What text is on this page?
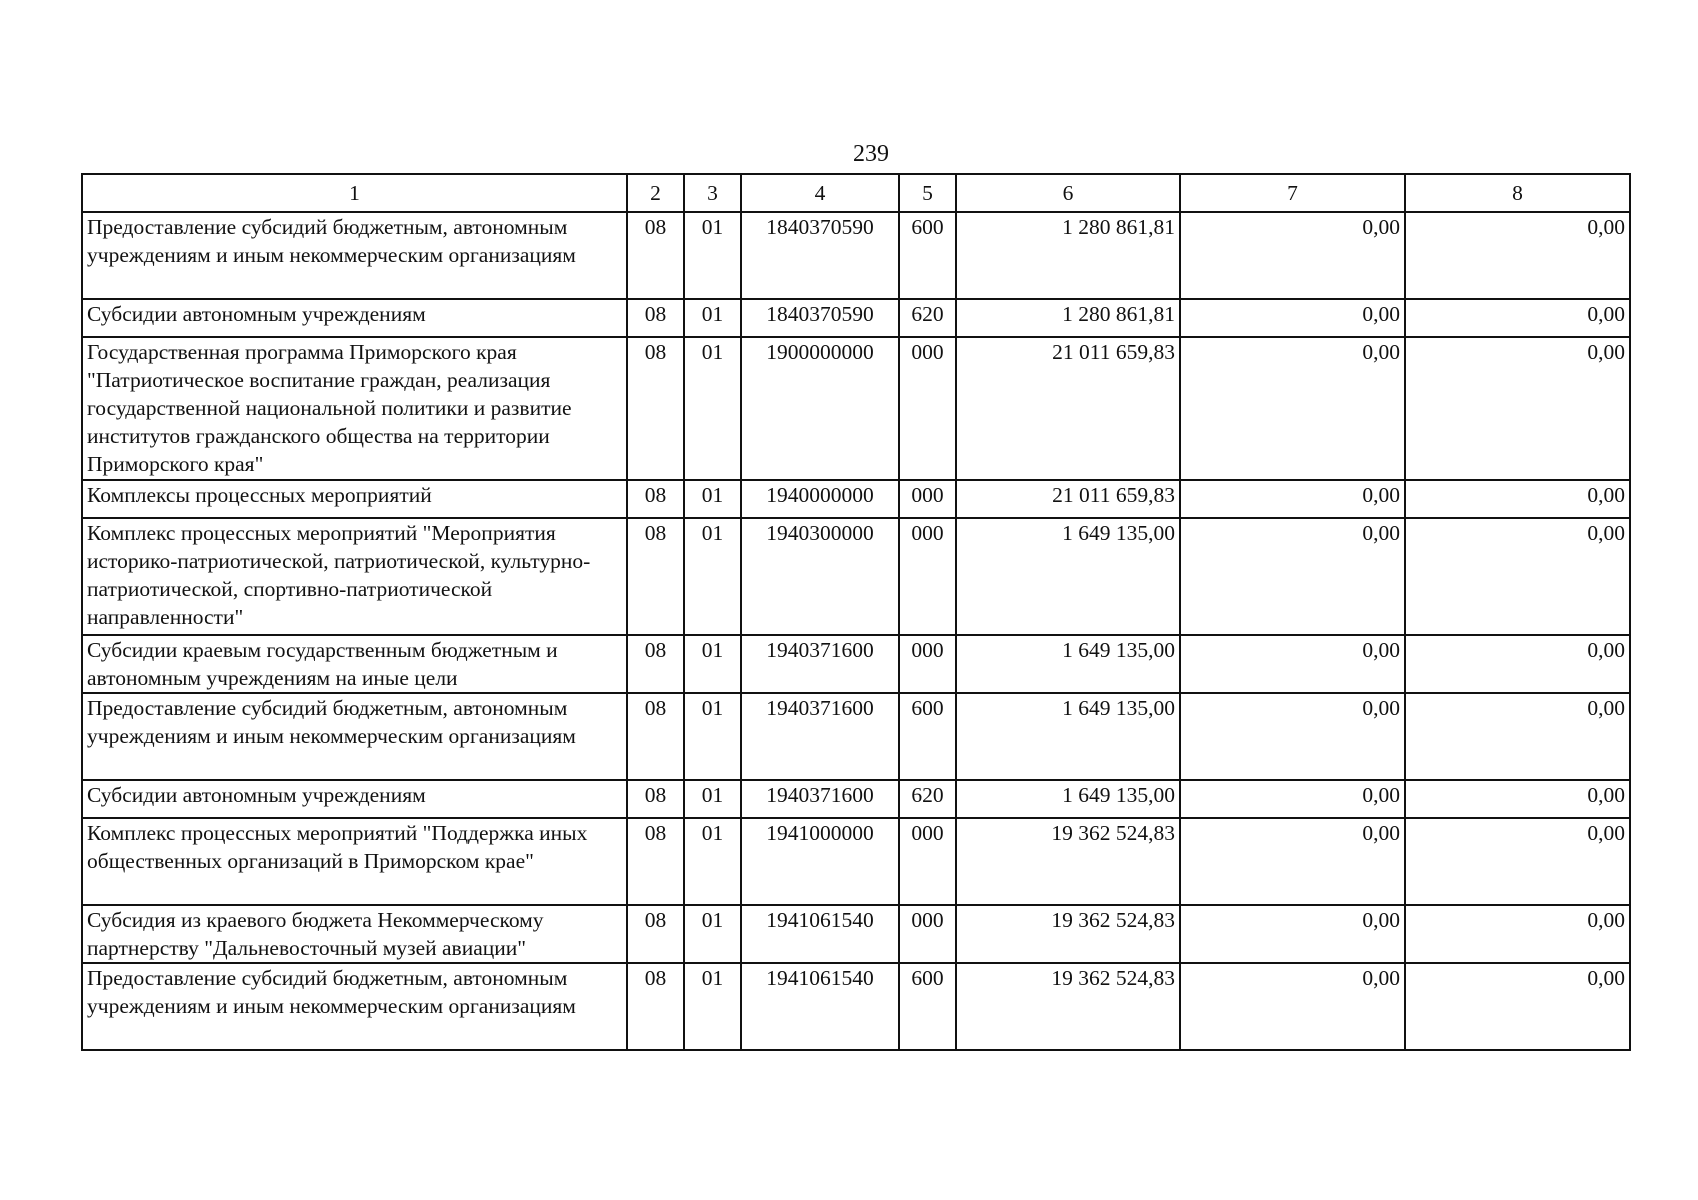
239
1	2	3	4	5	6	7	8
Предоставление субсидий бюджетным, автономным учреждениям и иным некоммерческим организациям	08	01	1840370590	600	1 280 861,81	0,00	0,00
Субсидии автономным учреждениям	08	01	1840370590	620	1 280 861,81	0,00	0,00
Государственная программа Приморского края "Патриотическое воспитание граждан, реализация государственной национальной политики и развитие институтов гражданского общества на территории Приморского края"	08	01	1900000000	000	21 011 659,83	0,00	0,00
Комплексы процессных мероприятий	08	01	1940000000	000	21 011 659,83	0,00	0,00
Комплекс процессных мероприятий "Мероприятия историко-патриотической, патриотической, культурно-патриотической, спортивно-патриотической направленности"	08	01	1940300000	000	1 649 135,00	0,00	0,00
Субсидии краевым государственным бюджетным и автономным учреждениям на иные цели	08	01	1940371600	000	1 649 135,00	0,00	0,00
Предоставление субсидий бюджетным, автономным учреждениям и иным некоммерческим организациям	08	01	1940371600	600	1 649 135,00	0,00	0,00
Субсидии автономным учреждениям	08	01	1940371600	620	1 649 135,00	0,00	0,00
Комплекс процессных мероприятий "Поддержка иных общественных организаций в Приморском крае"	08	01	1941000000	000	19 362 524,83	0,00	0,00
Субсидия из краевого бюджета Некоммерческому партнерству "Дальневосточный музей авиации"	08	01	1941061540	000	19 362 524,83	0,00	0,00
Предоставление субсидий бюджетным, автономным учреждениям и иным некоммерческим организациям	08	01	1941061540	600	19 362 524,83	0,00	0,00
